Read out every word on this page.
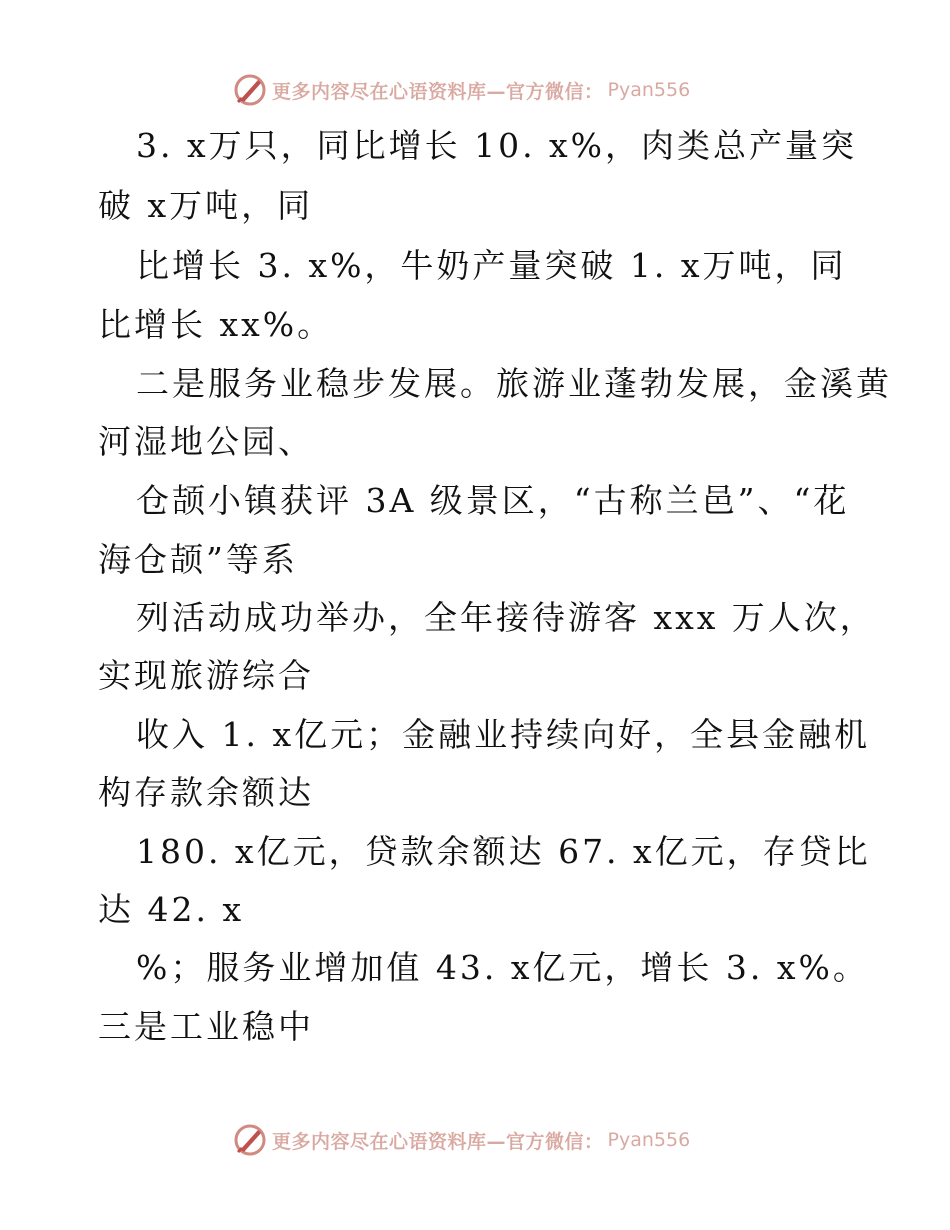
更多内容尽在心语资料库—官方微信： Pyan556
3. x万只，同比增长 10. x%，肉类总产量突
破 x万吨，同
比增长 3. x%，牛奶产量突破 1. x万吨，同
比增长 xx%。
二是服务业稳步发展。旅游业蓬勃发展，金溪黄
河湿地公园、
仓颉小镇获评 3A 级景区，“古称兰邑”、“花
海仓颉”等系
列活动成功举办，全年接待游客 xxx 万人次，
实现旅游综合
收入 1. x亿元；金融业持续向好，全县金融机
构存款余额达
180. x亿元，贷款余额达 67. x亿元，存贷比
达 42. x
%；服务业增加值 43. x亿元，增长 3. x%。
三是工业稳中
更多内容尽在心语资料库—官方微信： Pyan556
